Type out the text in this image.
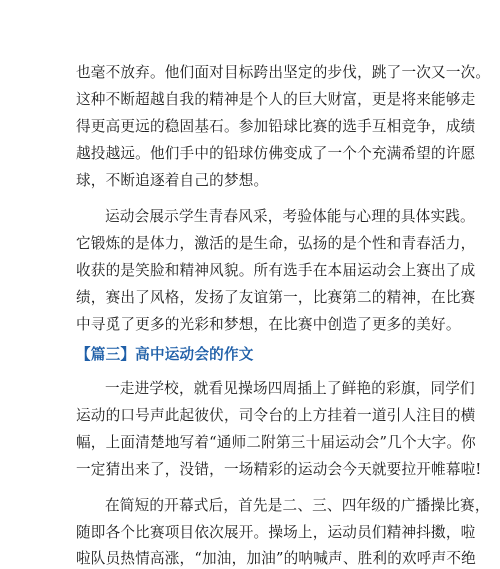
也毫不放弃。他们面对目标跨出坚定的步伐，跳了一次又一次。
这种不断超越自我的精神是个人的巨大财富，更是将来能够走
得更高更远的稳固基石。参加铅球比赛的选手互相竞争，成绩
越投越远。他们手中的铅球仿佛变成了一个个充满希望的许愿
球，不断追逐着自己的梦想。
运动会展示学生青春风采，考验体能与心理的具体实践。
它锻炼的是体力，激活的是生命，弘扬的是个性和青春活力，
收获的是笑脸和精神风貌。所有选手在本届运动会上赛出了成
绩，赛出了风格，发扬了友谊第一，比赛第二的精神，在比赛
中寻觅了更多的光彩和梦想，在比赛中创造了更多的美好。
【篇三】高中运动会的作文
一走进学校，就看见操场四周插上了鲜艳的彩旗，同学们
运动的口号声此起彼伏，司令台的上方挂着一道引人注目的横
幅，上面清楚地写着“通师二附第三十届运动会”几个大字。你
一定猜出来了，没错，一场精彩的运动会今天就要拉开帷幕啦!
在简短的开幕式后，首先是二、三、四年级的广播操比赛，
随即各个比赛项目依次展开。操场上，运动员们精神抖擞，啦
啦队员热情高涨，“加油，加油”的呐喊声、胜利的欢呼声不绝
